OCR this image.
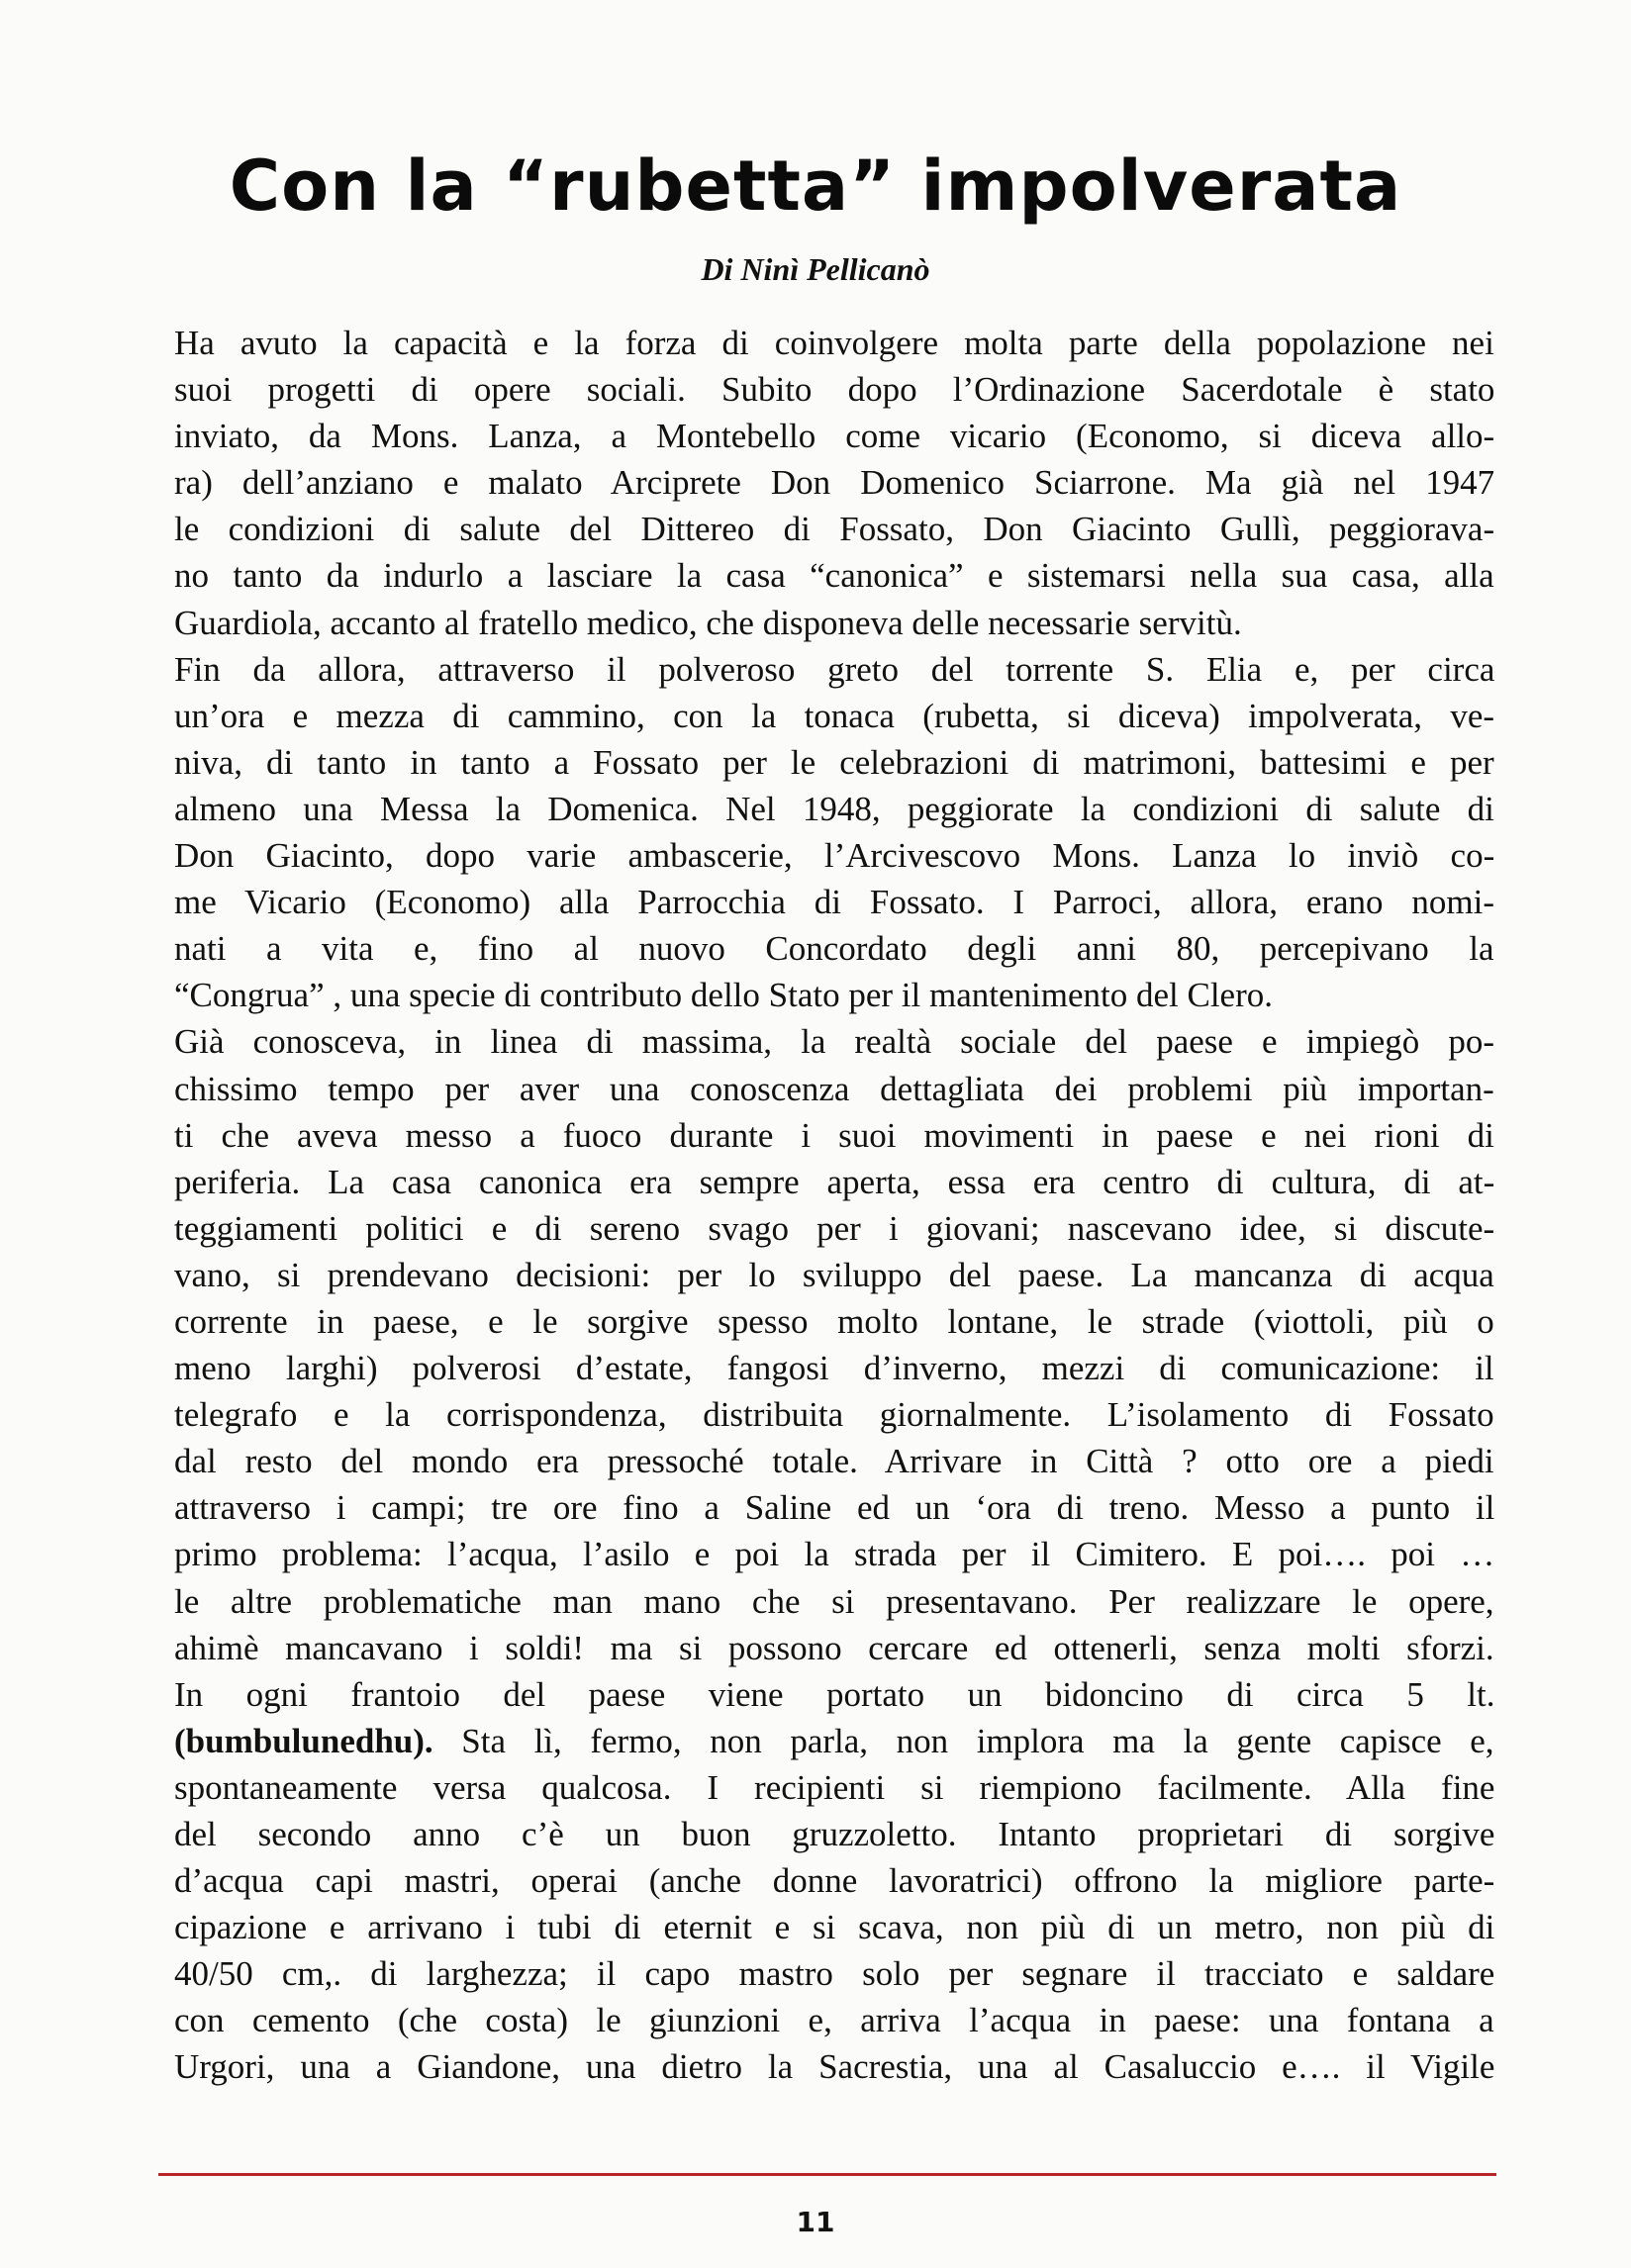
Con la “rubetta” impolverata
Di Ninì Pellicanò
Ha avuto la capacità e la forza di coinvolgere molta parte della popolazione nei
suoi progetti di opere sociali. Subito dopo l’Ordinazione Sacerdotale è stato
inviato, da Mons. Lanza, a Montebello come vicario (Economo, si diceva allo-
ra) dell’anziano e malato Arciprete Don Domenico Sciarrone. Ma già nel 1947
le condizioni di salute del Dittereo di Fossato, Don Giacinto Gullì, peggiorava-
no tanto da indurlo a lasciare la casa “canonica” e sistemarsi nella sua casa, alla
Guardiola, accanto al fratello medico, che disponeva delle necessarie servitù.
Fin da allora, attraverso il polveroso greto del torrente S. Elia e, per circa
un’ora e mezza di cammino, con la tonaca (rubetta, si diceva) impolverata, ve-
niva, di tanto in tanto a Fossato per le celebrazioni di matrimoni, battesimi e per
almeno una Messa la Domenica. Nel 1948, peggiorate la condizioni di salute di
Don Giacinto, dopo varie ambascerie, l’Arcivescovo Mons. Lanza lo inviò co-
me Vicario (Economo) alla Parrocchia di Fossato. I Parroci, allora, erano nomi-
nati a vita e, fino al nuovo Concordato degli anni 80, percepivano la
“Congrua” , una specie di contributo dello Stato per il mantenimento del Clero.
Già conosceva, in linea di massima, la realtà sociale del paese e impiegò po-
chissimo tempo per aver una conoscenza dettagliata dei problemi più importan-
ti che aveva messo a fuoco durante i suoi movimenti in paese e nei rioni di
periferia. La casa canonica era sempre aperta, essa era centro di cultura, di at-
teggiamenti politici e di sereno svago per i giovani; nascevano idee, si discute-
vano, si prendevano decisioni: per lo sviluppo del paese. La mancanza di acqua
corrente in paese, e le sorgive spesso molto lontane, le strade (viottoli, più o
meno larghi) polverosi d’estate, fangosi d’inverno, mezzi di comunicazione: il
telegrafo e la corrispondenza, distribuita giornalmente. L’isolamento di Fossato
dal resto del mondo era pressoché totale. Arrivare in Città ? otto ore a piedi
attraverso i campi; tre ore fino a Saline ed un ‘ora di treno. Messo a punto il
primo problema: l’acqua, l’asilo e poi la strada per il Cimitero. E poi…. poi …
le altre problematiche man mano che si presentavano. Per realizzare le opere,
ahimè mancavano i soldi! ma si possono cercare ed ottenerli, senza molti sforzi.
In ogni frantoio del paese viene portato un bidoncino di circa 5 lt.
(bumbulunedhu). Sta lì, fermo, non parla, non implora ma la gente capisce e,
spontaneamente versa qualcosa. I recipienti si riempiono facilmente. Alla fine
del secondo anno c’è un buon gruzzoletto. Intanto proprietari di sorgive
d’acqua capi mastri, operai (anche donne lavoratrici) offrono la migliore parte-
cipazione e arrivano i tubi di eternit e si scava, non più di un metro, non più di
40/50 cm,. di larghezza; il capo mastro solo per segnare il tracciato e saldare
con cemento (che costa) le giunzioni e, arriva l’acqua in paese: una fontana a
Urgori, una a Giandone, una dietro la Sacrestia, una al Casaluccio e…. il Vigile
11
